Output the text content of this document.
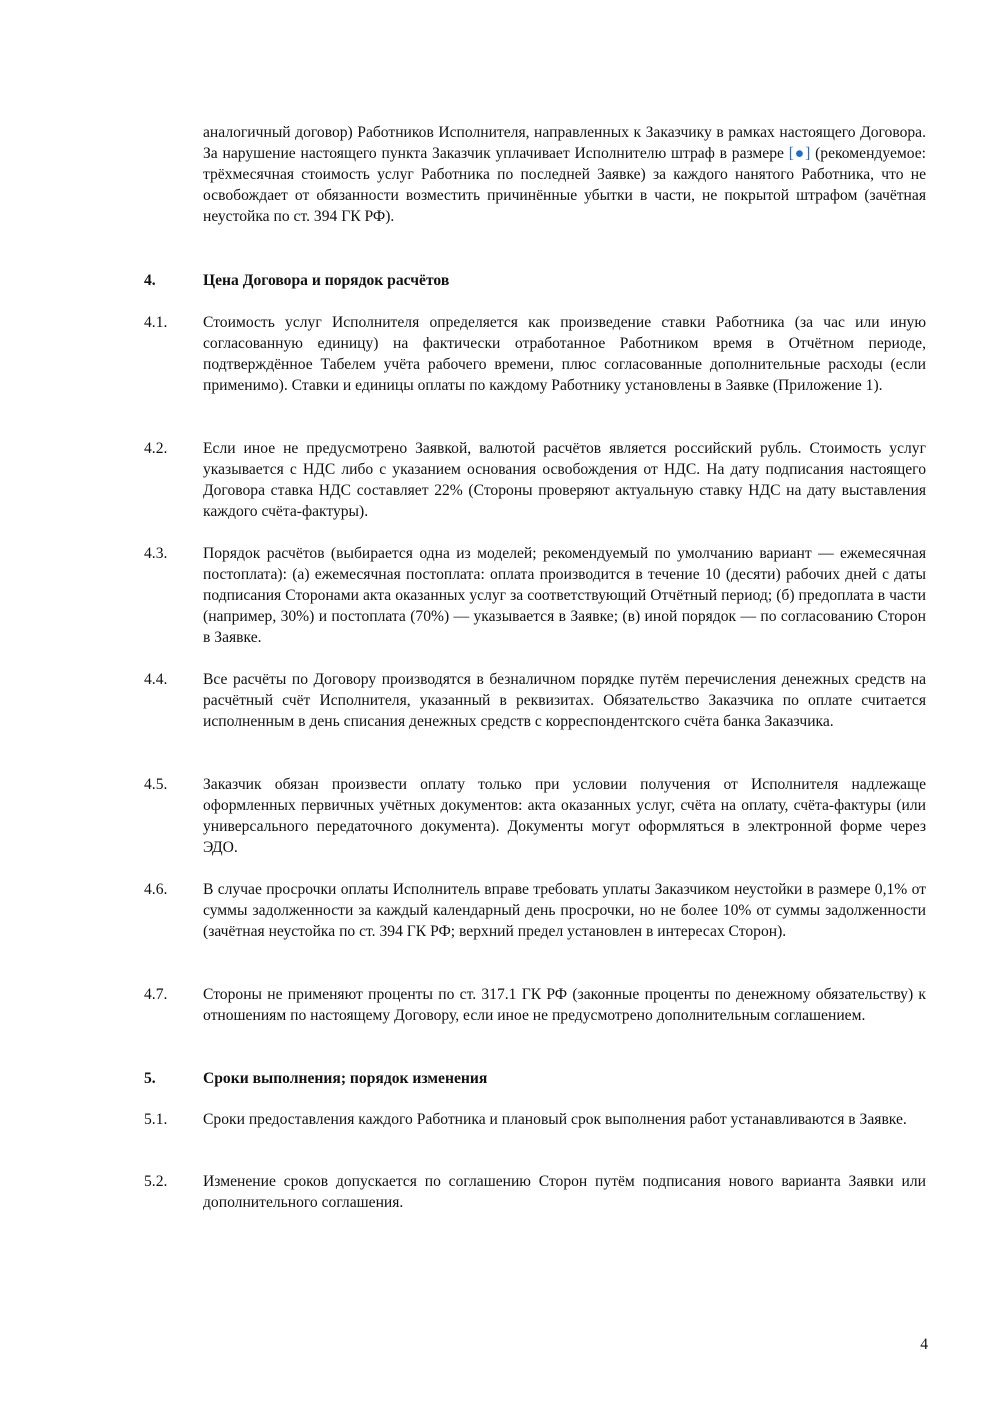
аналогичный договор) Работников Исполнителя, направленных к Заказчику в рамках настоящего Договора. За нарушение настоящего пункта Заказчик уплачивает Исполнителю штраф в размере [●] (рекомендуемое: трёхмесячная стоимость услуг Работника по последней Заявке) за каждого нанятого Работника, что не освобождает от обязанности возместить причинённые убытки в части, не покрытой штрафом (зачётная неустойка по ст. 394 ГК РФ).
4.	Цена Договора и порядок расчётов
4.1.	Стоимость услуг Исполнителя определяется как произведение ставки Работника (за час или иную согласованную единицу) на фактически отработанное Работником время в Отчётном периоде, подтверждённое Табелем учёта рабочего времени, плюс согласованные дополнительные расходы (если применимо). Ставки и единицы оплаты по каждому Работнику установлены в Заявке (Приложение 1).
4.2.	Если иное не предусмотрено Заявкой, валютой расчётов является российский рубль. Стоимость услуг указывается с НДС либо с указанием основания освобождения от НДС. На дату подписания настоящего Договора ставка НДС составляет 22% (Стороны проверяют актуальную ставку НДС на дату выставления каждого счёта-фактуры).
4.3.	Порядок расчётов (выбирается одна из моделей; рекомендуемый по умолчанию вариант — ежемесячная постоплата): (а) ежемесячная постоплата: оплата производится в течение 10 (десяти) рабочих дней с даты подписания Сторонами акта оказанных услуг за соответствующий Отчётный период; (б) предоплата в части (например, 30%) и постоплата (70%) — указывается в Заявке; (в) иной порядок — по согласованию Сторон в Заявке.
4.4.	Все расчёты по Договору производятся в безналичном порядке путём перечисления денежных средств на расчётный счёт Исполнителя, указанный в реквизитах. Обязательство Заказчика по оплате считается исполненным в день списания денежных средств с корреспондентского счёта банка Заказчика.
4.5.	Заказчик обязан произвести оплату только при условии получения от Исполнителя надлежаще оформленных первичных учётных документов: акта оказанных услуг, счёта на оплату, счёта-фактуры (или универсального передаточного документа). Документы могут оформляться в электронной форме через ЭДО.
4.6.	В случае просрочки оплаты Исполнитель вправе требовать уплаты Заказчиком неустойки в размере 0,1% от суммы задолженности за каждый календарный день просрочки, но не более 10% от суммы задолженности (зачётная неустойка по ст. 394 ГК РФ; верхний предел установлен в интересах Сторон).
4.7.	Стороны не применяют проценты по ст. 317.1 ГК РФ (законные проценты по денежному обязательству) к отношениям по настоящему Договору, если иное не предусмотрено дополнительным соглашением.
5.	Сроки выполнения; порядок изменения
5.1.	Сроки предоставления каждого Работника и плановый срок выполнения работ устанавливаются в Заявке.
5.2.	Изменение сроков допускается по соглашению Сторон путём подписания нового варианта Заявки или дополнительного соглашения.
4
